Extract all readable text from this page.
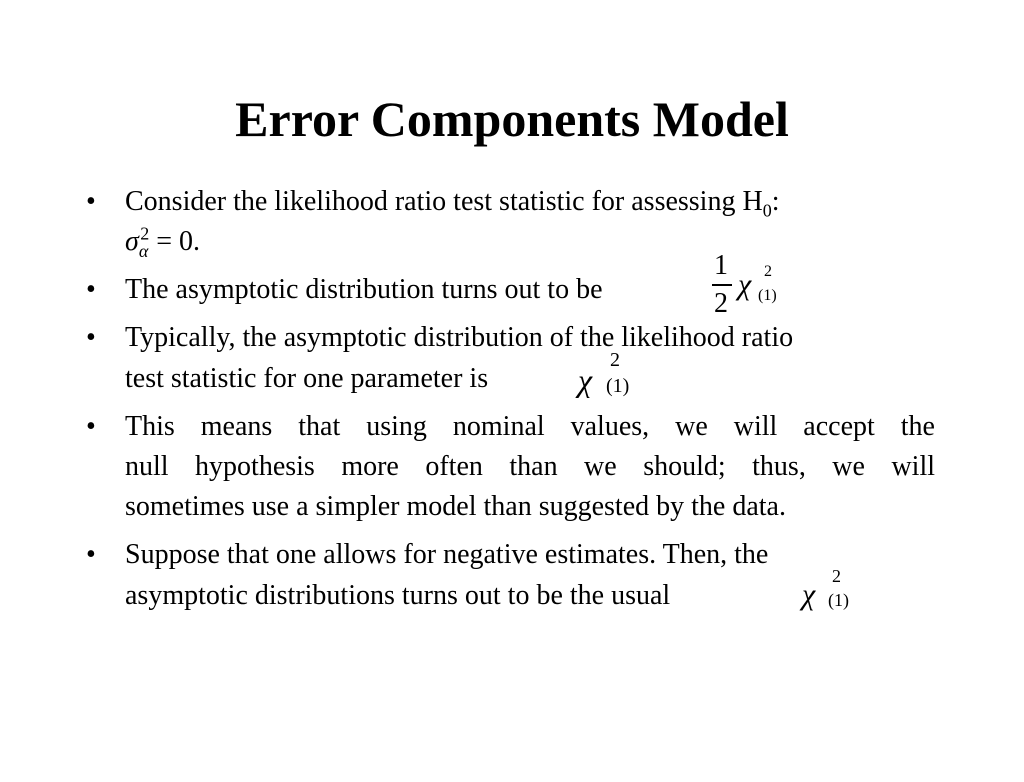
Error Components Model
• Consider the likelihood ratio test statistic for assessing $H_0$:
$\sigma_\alpha^2 = 0$.
• The asymptotic distribution turns out to be
1
2
χ 2
(1)
• Typically, the asymptotic distribution of the likelihood ratio
test statistic for one parameter is	χ
2
(1)
• This means that using nominal values, we will accept the
null hypothesis more often than we should; thus, we will
sometimes use a simpler model than suggested by the data.
• Suppose that one allows for negative estimates. Then, the
asymptotic distributions turns out to be the usual	χ
2
(1)
